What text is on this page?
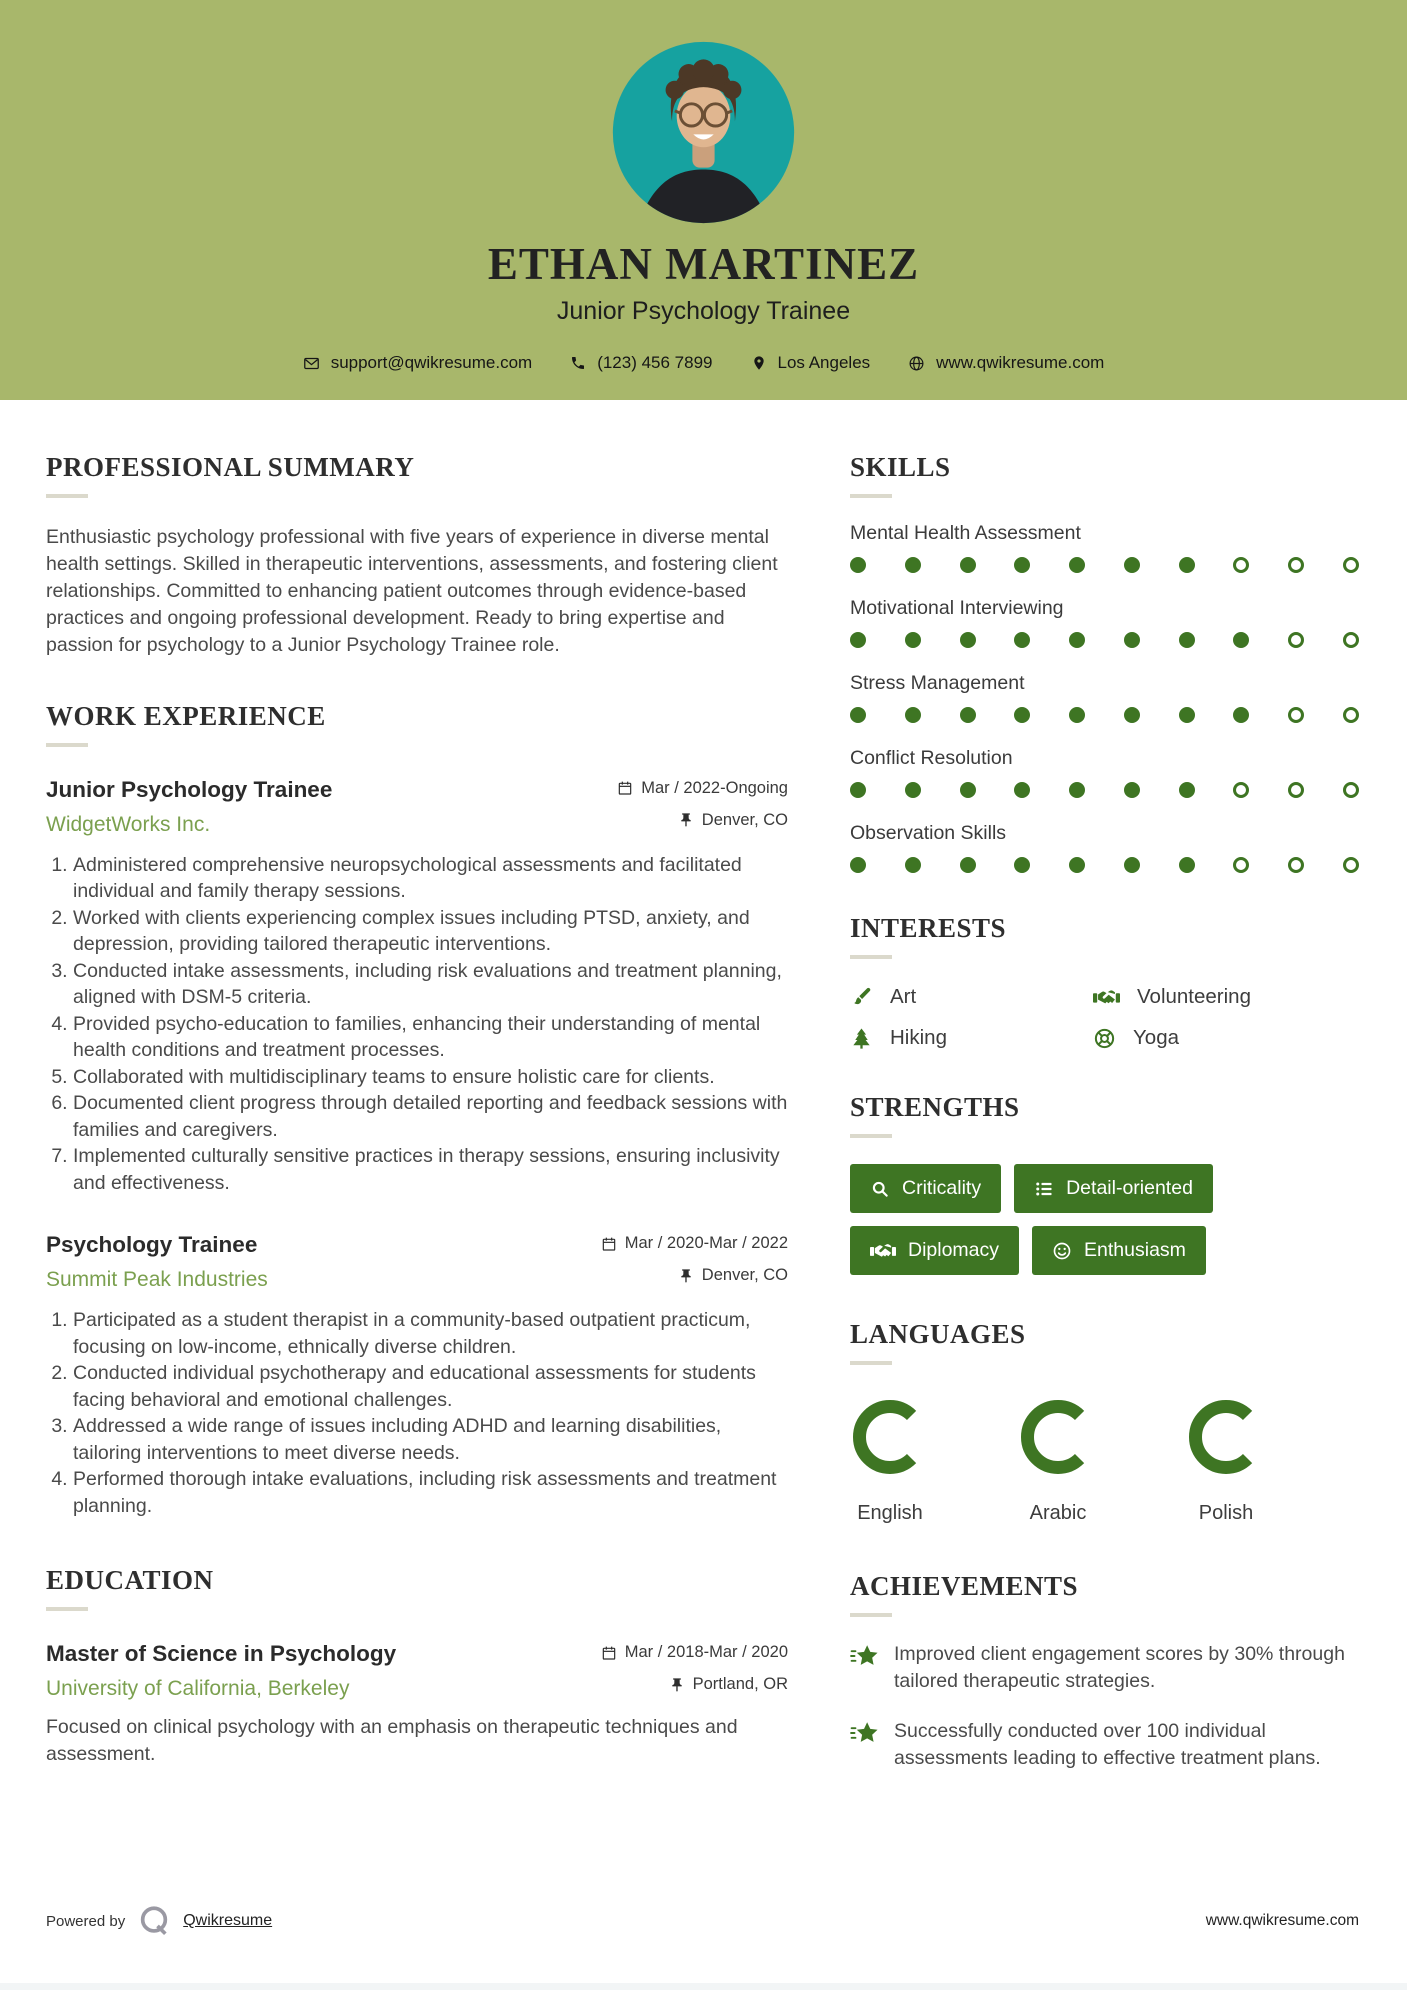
ETHAN MARTINEZ
Junior Psychology Trainee
support@qwikresume.com	(123) 456 7899	Los Angeles	www.qwikresume.com
PROFESSIONAL SUMMARY

Enthusiastic psychology professional with five years of experience in diverse mental health settings. Skilled in therapeutic interventions, assessments, and fostering client relationships. Committed to enhancing patient outcomes through evidence-based practices and ongoing professional development. Ready to bring expertise and passion for psychology to a Junior Psychology Trainee role.

WORK EXPERIENCE
Junior Psychology Trainee
WidgetWorks Inc.
Mar / 2022-Ongoing
Denver, CO
1. Administered comprehensive neuropsychological assessments and facilitated individual and family therapy sessions.
2. Worked with clients experiencing complex issues including PTSD, anxiety, and depression, providing tailored therapeutic interventions.
3. Conducted intake assessments, including risk evaluations and treatment planning, aligned with DSM-5 criteria.
4. Provided psycho-education to families, enhancing their understanding of mental health conditions and treatment processes.
5. Collaborated with multidisciplinary teams to ensure holistic care for clients.
6. Documented client progress through detailed reporting and feedback sessions with families and caregivers.
7. Implemented culturally sensitive practices in therapy sessions, ensuring inclusivity and effectiveness.
Psychology Trainee
Summit Peak Industries
Mar / 2020-Mar / 2022
Denver, CO
1. Participated as a student therapist in a community-based outpatient practicum, focusing on low-income, ethnically diverse children.
2. Conducted individual psychotherapy and educational assessments for students facing behavioral and emotional challenges.
3. Addressed a wide range of issues including ADHD and learning disabilities, tailoring interventions to meet diverse needs.
4. Performed thorough intake evaluations, including risk assessments and treatment planning.
EDUCATION
Master of Science in Psychology
University of California, Berkeley
Mar / 2018-Mar / 2020
Portland, OR

Focused on clinical psychology with an emphasis on therapeutic techniques and assessment.

SKILLS
Mental Health Assessment
Motivational Interviewing
Stress Management
Conflict Resolution
Observation Skills
INTERESTS
Art	Volunteering
Hiking	Yoga
STRENGTHS
Criticality	Detail-oriented
Diplomacy	Enthusiasm
LANGUAGES
English	Arabic	Polish
ACHIEVEMENTS
Improved client engagement scores by 30% through tailored therapeutic strategies.
Successfully conducted over 100 individual assessments leading to effective treatment plans.
Powered by	Qwikresume	www.qwikresume.com
